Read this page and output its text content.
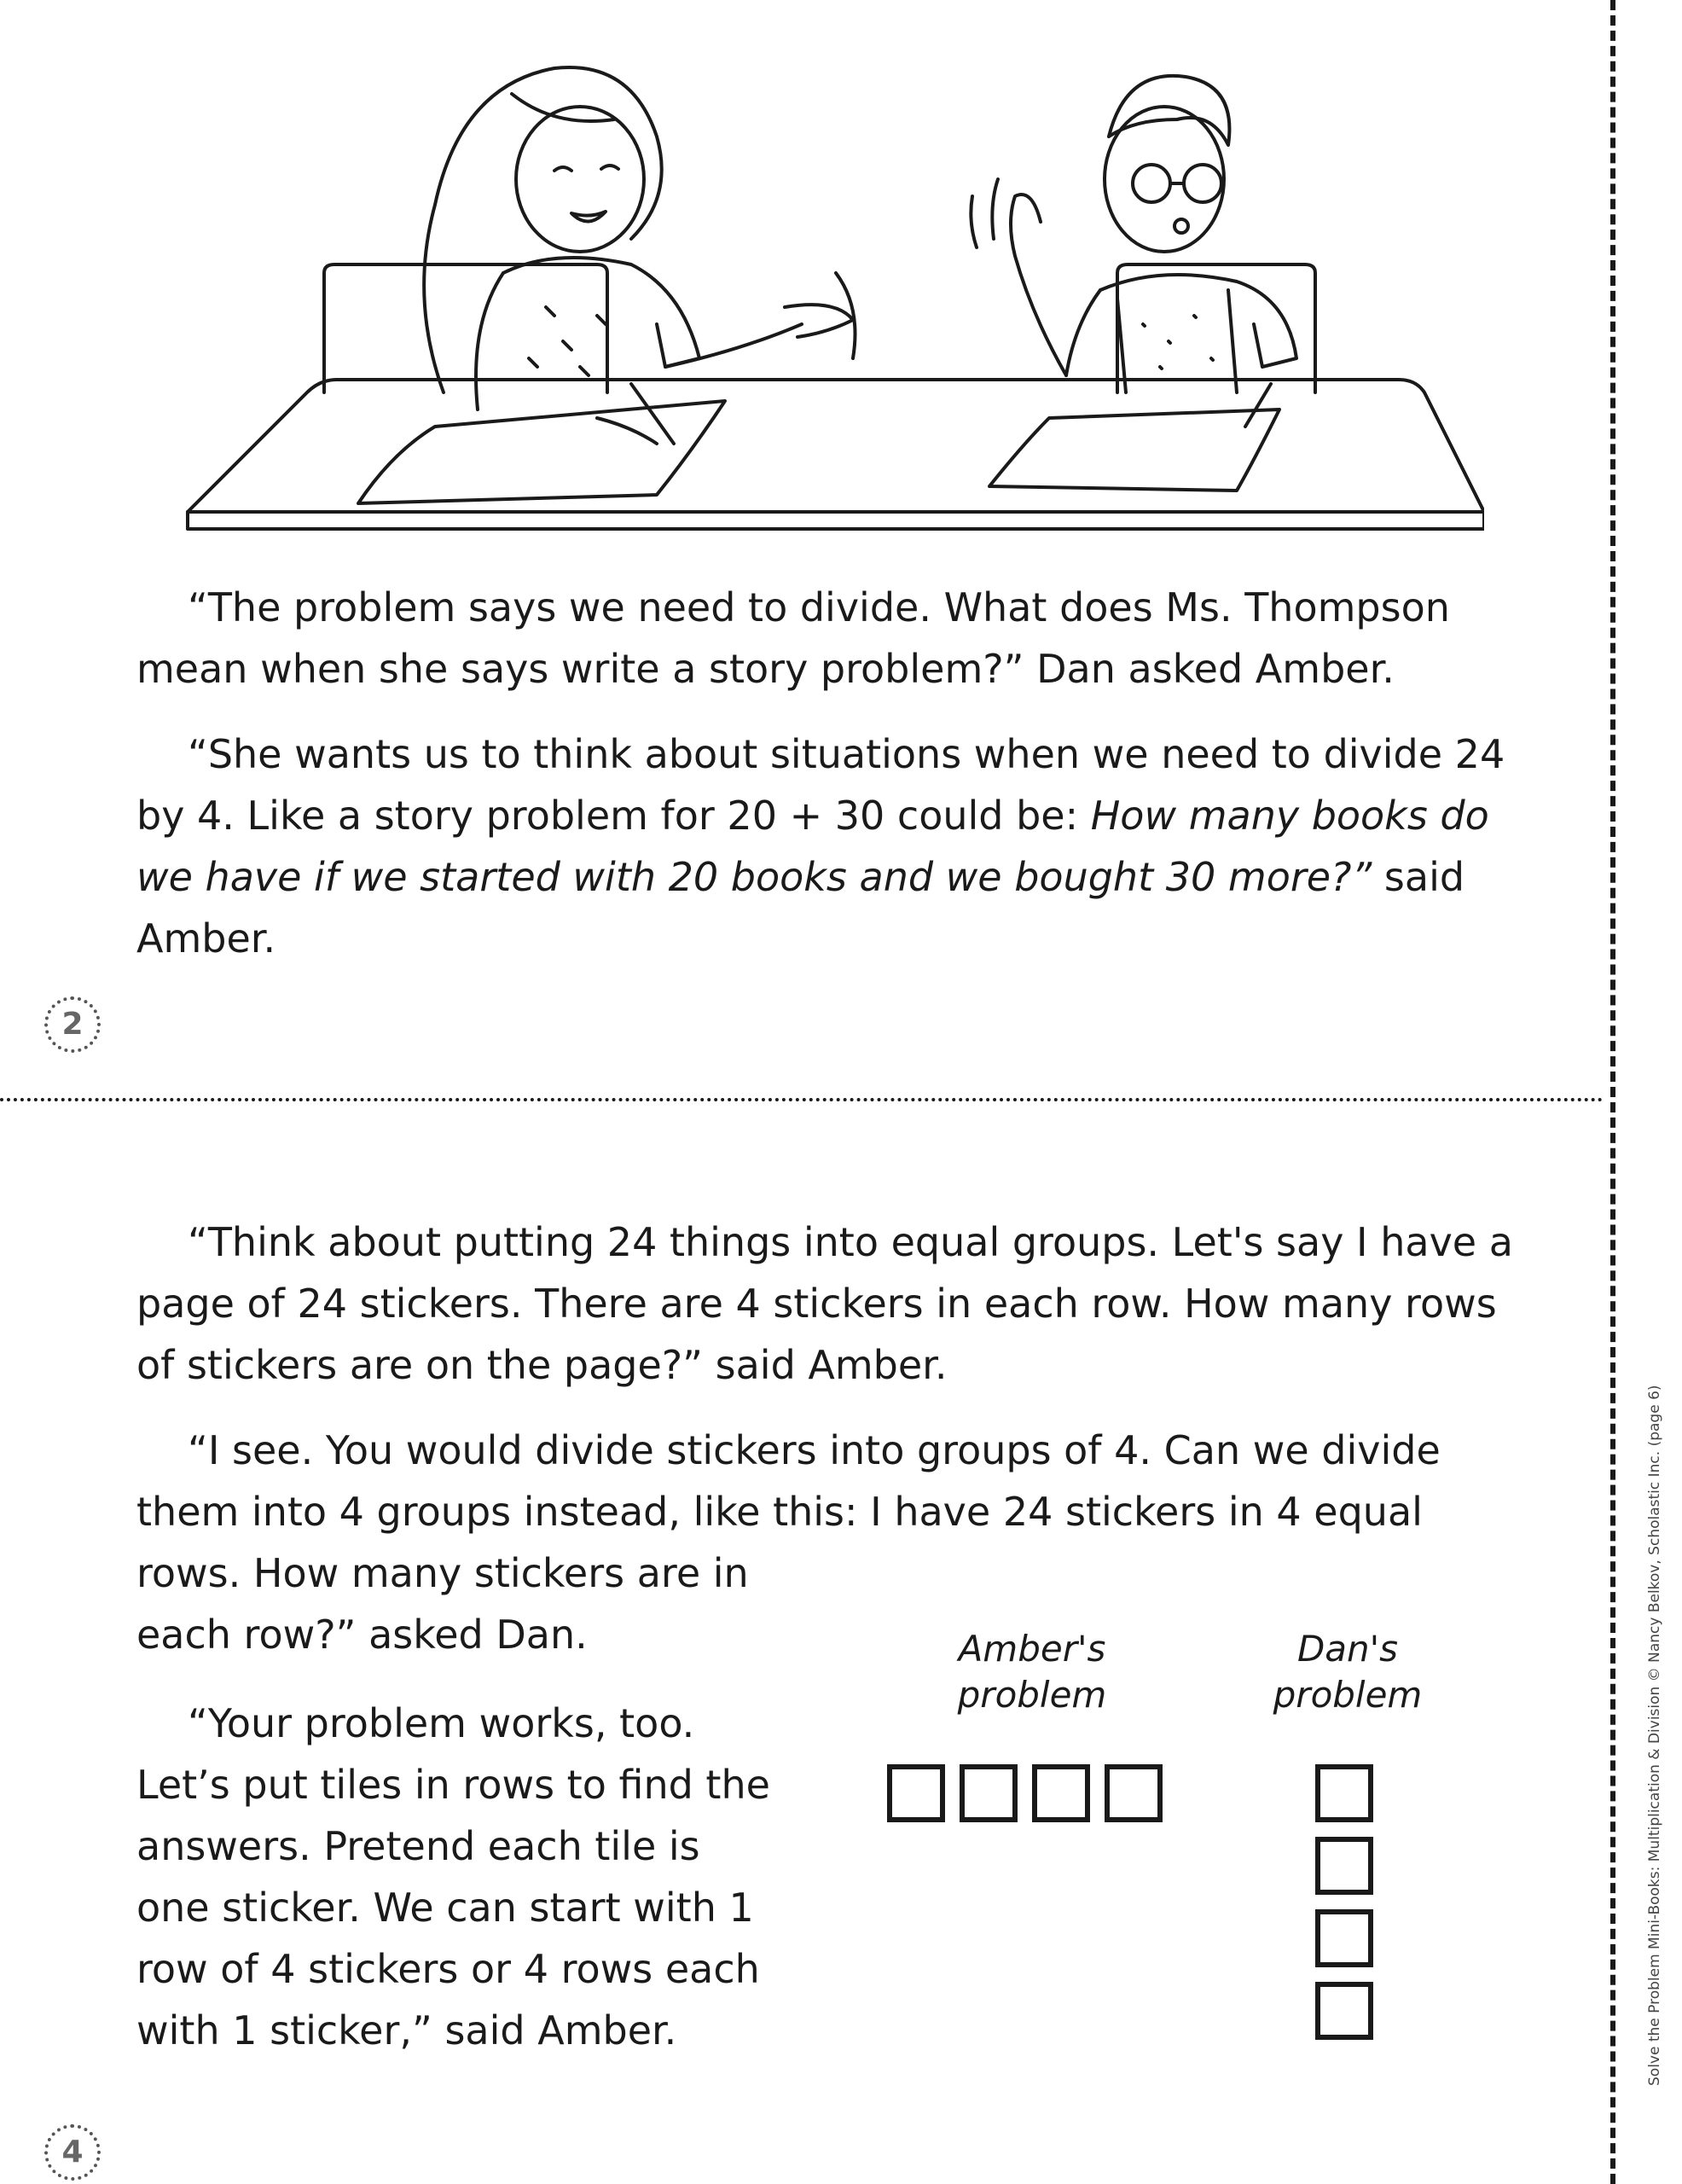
“The problem says we need to divide. What does Ms. Thompson mean when she says write a story problem?” Dan asked Amber.

“She wants us to think about situations when we need to divide 24 by 4. Like a story problem for 20 + 30 could be: How many books do we have if we started with 20 books and we bought 30 more?” said Amber.

2

“Think about putting 24 things into equal groups. Let's say I have a page of 24 stickers. There are 4 stickers in each row. How many rows of stickers are on the page?” said Amber.

“I see. You would divide stickers into groups of 4. Can we divide them into 4 groups instead, like this: I have 24 stickers in 4 equal
rows. How many stickers are in each row?” asked Dan.

“Your problem works, too. Let’s put tiles in rows to find the answers. Pretend each tile is one sticker. We can start with 1 row of 4 stickers or 4 rows each with 1 sticker,” said Amber.

Amber's
problem
Dan's
problem
4
Solve the Problem Mini-Books: Multiplication & Division © Nancy Belkov, Scholastic Inc. (page 6)
